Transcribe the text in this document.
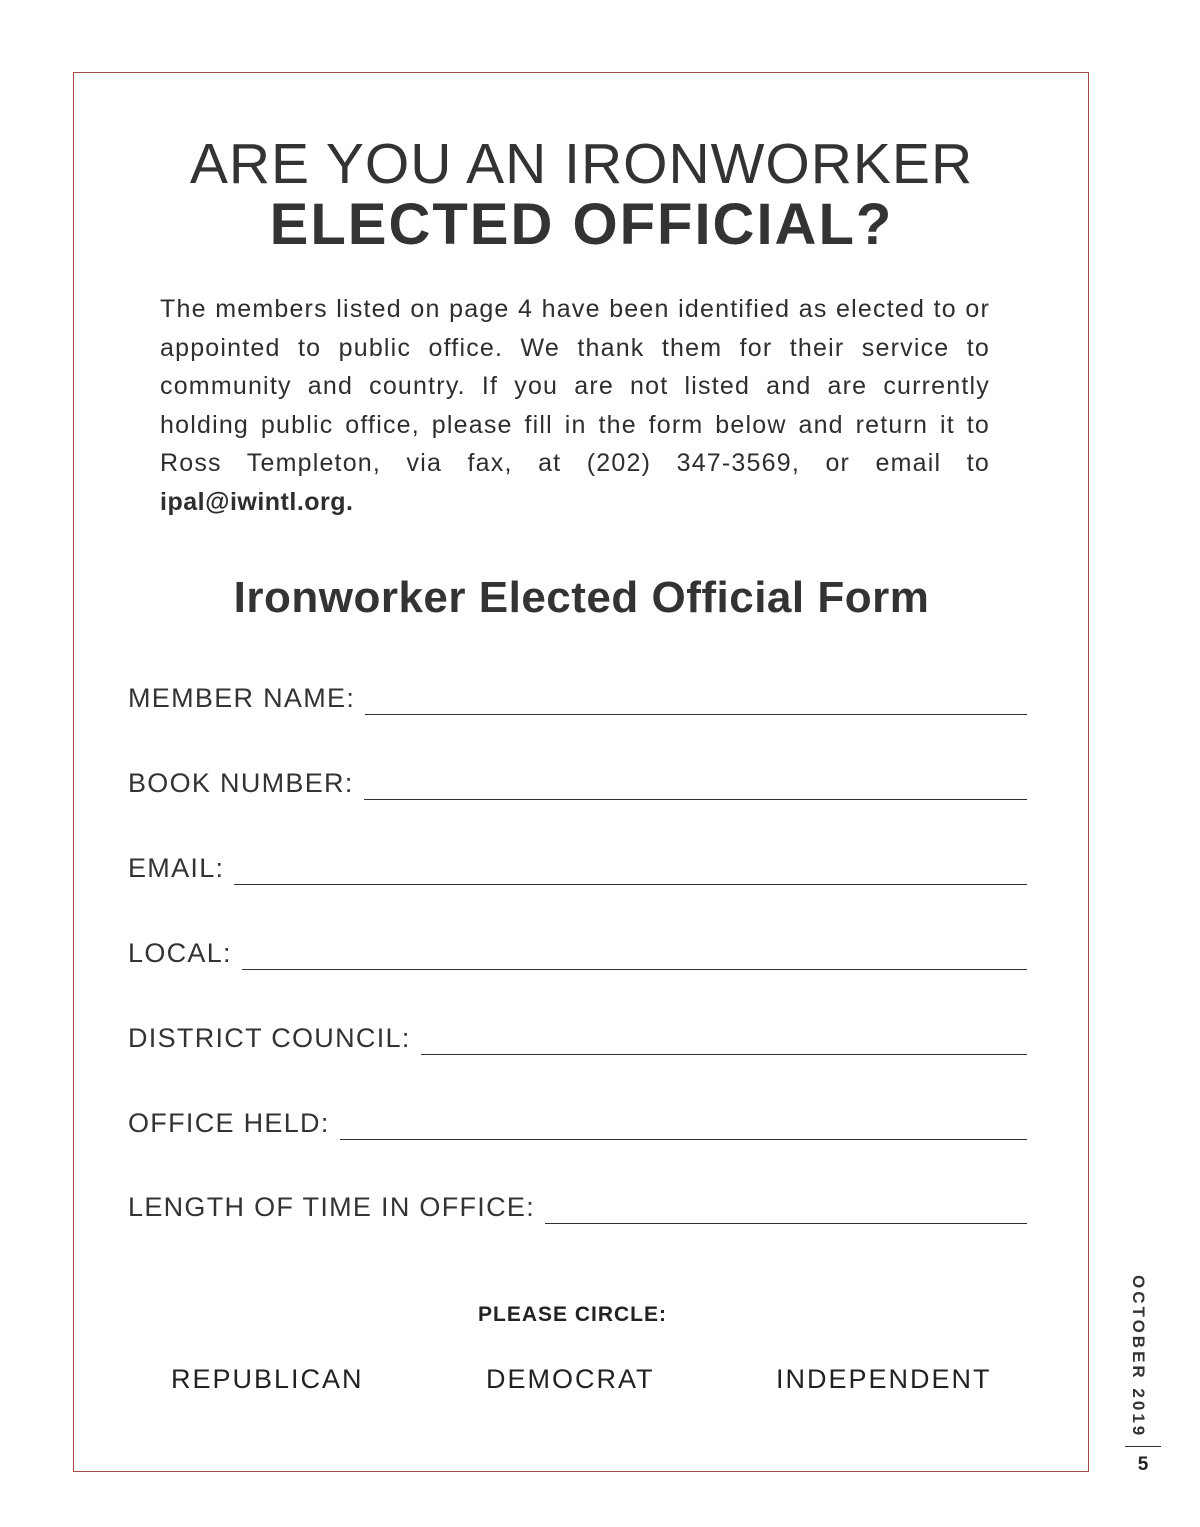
ARE YOU AN IRONWORKER
ELECTED OFFICIAL?

The members listed on page 4 have been identified as elected to or appointed to public office. We thank them for their service to community and country. If you are not listed and are currently holding public office, please fill in the form below and return it to Ross Templeton, via fax, at (202) 347-3569, or email to ipal@iwintl.org.

Ironworker Elected Official Form
MEMBER NAME:
BOOK NUMBER:
EMAIL:
LOCAL:
DISTRICT COUNCIL:
OFFICE HELD:
LENGTH OF TIME IN OFFICE:
PLEASE CIRCLE:
REPUBLICAN	DEMOCRAT	INDEPENDENT	OCTOBER 2019
5
